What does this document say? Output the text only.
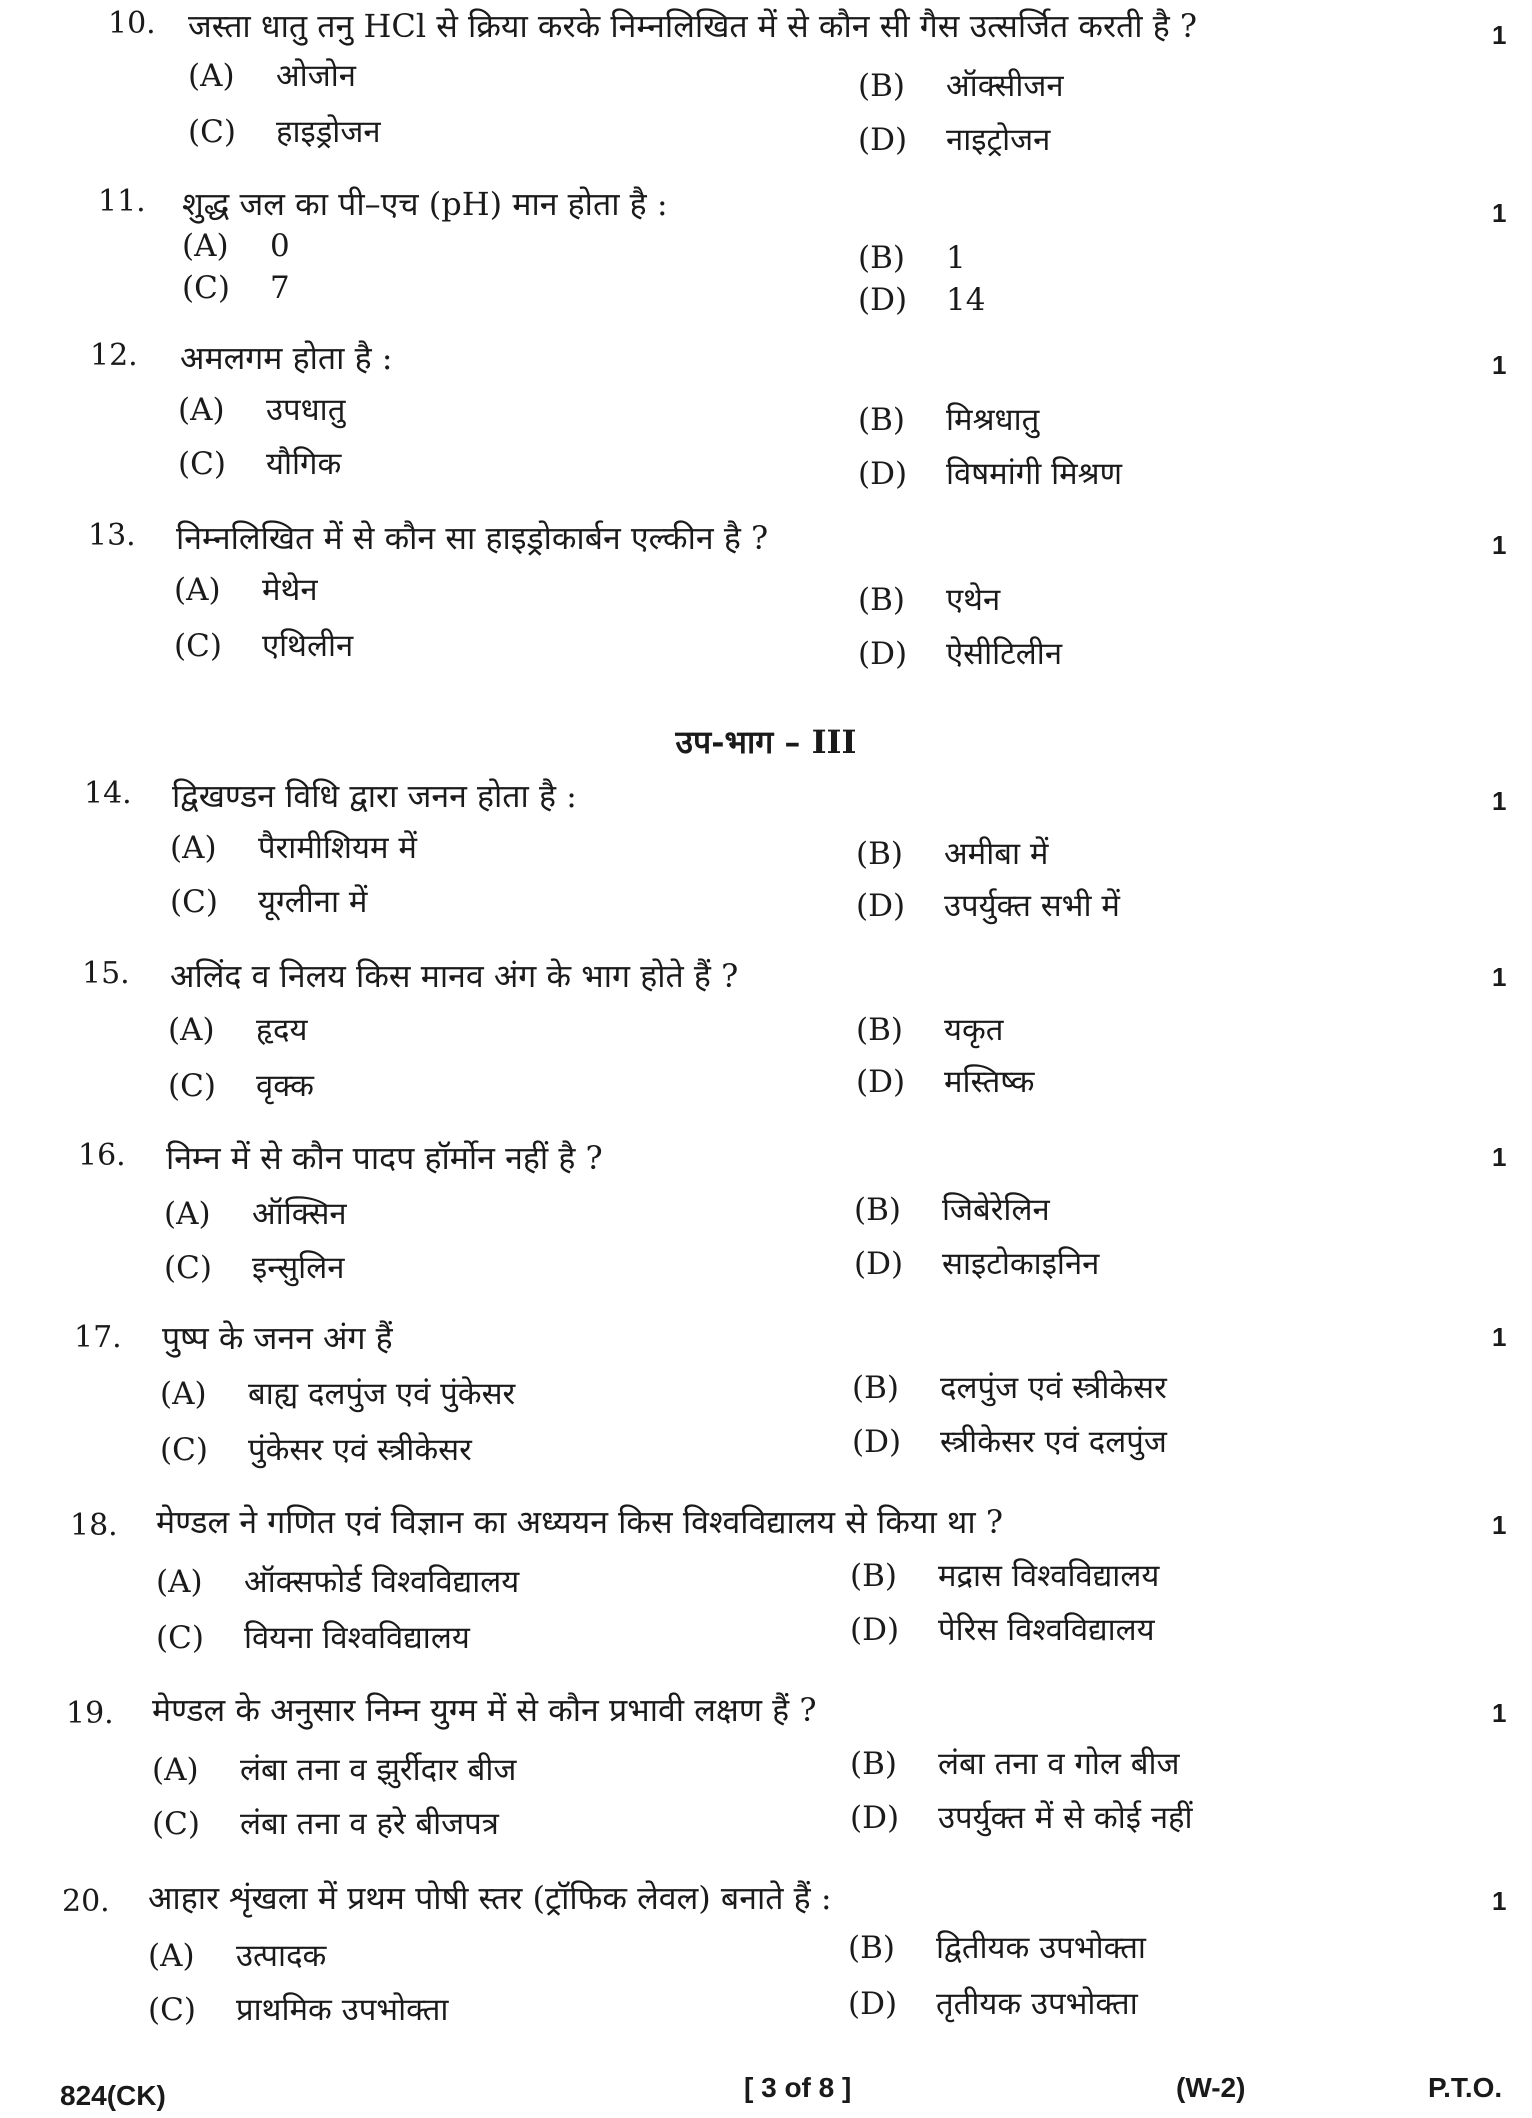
10. जस्ता धातु तनु HCl से क्रिया करके निम्नलिखित में से कौन सी गैस उत्सर्जित करती है ?	1
(A) ओजोन	(B) ऑक्सीजन
(C) हाइड्रोजन	(D) नाइट्रोजन
11. शुद्ध जल का पी–एच (pH) मान होता है :	1
(A) 0	(B) 1
(C) 7	(D) 14
12. अमलगम होता है :	1
(A) उपधातु	(B) मिश्रधातु
(C) यौगिक	(D) विषमांगी मिश्रण
13. निम्नलिखित में से कौन सा हाइड्रोकार्बन एल्कीन है ?	1
(A) मेथेन	(B) एथेन
(C) एथिलीन	(D) ऐसीटिलीन
उप-भाग – III
14. द्विखण्डन विधि द्वारा जनन होता है :	1
(A) पैरामीशियम में	(B) अमीबा में
(C) यूग्लीना में	(D) उपर्युक्त सभी में
15. अलिंद व निलय किस मानव अंग के भाग होते हैं ?	1
(A) हृदय	(B) यकृत
(C) वृक्क	(D) मस्तिष्क
16. निम्न में से कौन पादप हॉर्मोन नहीं है ?	1
(A) ऑक्सिन	(B) जिबेरेलिन
(C) इन्सुलिन	(D) साइटोकाइनिन
17. पुष्प के जनन अंग हैं	1
(A) बाह्य दलपुंज एवं पुंकेसर	(B) दलपुंज एवं स्त्रीकेसर
(C) पुंकेसर एवं स्त्रीकेसर	(D) स्त्रीकेसर एवं दलपुंज
18. मेण्डल ने गणित एवं विज्ञान का अध्ययन किस विश्वविद्यालय से किया था ?	1
(A) ऑक्सफोर्ड विश्वविद्यालय	(B) मद्रास विश्वविद्यालय
(C) वियना विश्वविद्यालय	(D) पेरिस विश्वविद्यालय
19. मेण्डल के अनुसार निम्न युग्म में से कौन प्रभावी लक्षण हैं ?	1
(A) लंबा तना व झुर्रीदार बीज	(B) लंबा तना व गोल बीज
(C) लंबा तना व हरे बीजपत्र	(D) उपर्युक्त में से कोई नहीं
20. आहार शृंखला में प्रथम पोषी स्तर (ट्रॉफिक लेवल) बनाते हैं :	1
(A) उत्पादक	(B) द्वितीयक उपभोक्ता
(C) प्राथमिक उपभोक्ता	(D) तृतीयक उपभोक्ता
824(CK)	[ 3 of 8 ]	(W-2)	P.T.O.
